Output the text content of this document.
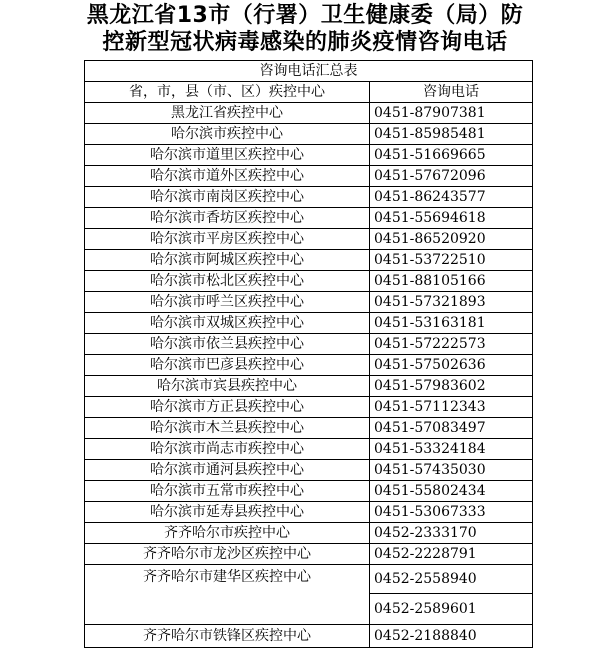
黑龙江省13市（行署）卫生健康委（局）防
控新型冠状病毒感染的肺炎疫情咨询电话
咨询电话汇总表	
省，市，县（市、区）疾控中心	咨询电话
黑龙江省疾控中心	0451-87907381
哈尔滨市疾控中心	0451-85985481
哈尔滨市道里区疾控中心	0451-51669665
哈尔滨市道外区疾控中心	0451-57672096
哈尔滨市南岗区疾控中心	0451-86243577
哈尔滨市香坊区疾控中心	0451-55694618
哈尔滨市平房区疾控中心	0451-86520920
哈尔滨市阿城区疾控中心	0451-53722510
哈尔滨市松北区疾控中心	0451-88105166
哈尔滨市呼兰区疾控中心	0451-57321893
哈尔滨市双城区疾控中心	0451-53163181
哈尔滨市依兰县疾控中心	0451-57222573
哈尔滨市巴彦县疾控中心	0451-57502636
哈尔滨市宾县疾控中心	0451-57983602
哈尔滨市方正县疾控中心	0451-57112343
哈尔滨市木兰县疾控中心	0451-57083497
哈尔滨市尚志市疾控中心	0451-53324184
哈尔滨市通河县疾控中心	0451-57435030
哈尔滨市五常市疾控中心	0451-55802434
哈尔滨市延寿县疾控中心	0451-53067333
齐齐哈尔市疾控中心	0452-2333170
齐齐哈尔市龙沙区疾控中心	0452-2228791
齐齐哈尔市建华区疾控中心	0452-2558940
	0452-2589601
齐齐哈尔市铁锋区疾控中心	0452-2188840
